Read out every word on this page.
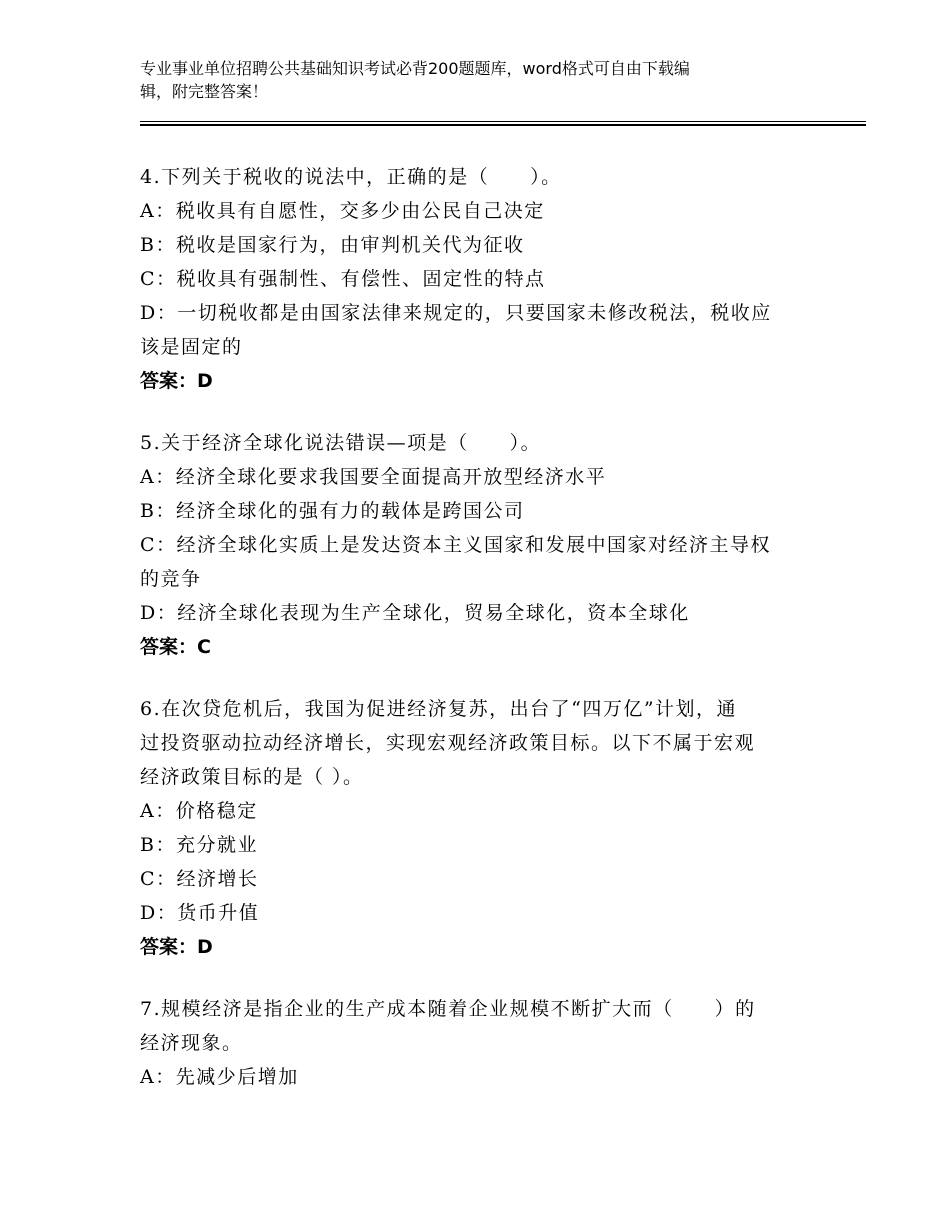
专业事业单位招聘公共基础知识考试必背200题题库，word格式可自由下载编
辑，附完整答案！
4.下列关于税收的说法中，正确的是（　　）。
A：税收具有自愿性，交多少由公民自己决定
B：税收是国家行为，由审判机关代为征收
C：税收具有强制性、有偿性、固定性的特点
D：一切税收都是由国家法律来规定的，只要国家未修改税法，税收应
该是固定的
答案：D
5.关于经济全球化说法错误—项是（　　）。
A：经济全球化要求我国要全面提高开放型经济水平
B：经济全球化的强有力的载体是跨国公司
C：经济全球化实质上是发达资本主义国家和发展中国家对经济主导权
的竞争
D：经济全球化表现为生产全球化，贸易全球化，资本全球化
答案：C
6.在次贷危机后，我国为促进经济复苏，出台了“四万亿”计划，通
过投资驱动拉动经济增长，实现宏观经济政策目标。以下不属于宏观
经济政策目标的是（ ）。
A：价格稳定
B：充分就业
C：经济增长
D：货币升值
答案：D
7.规模经济是指企业的生产成本随着企业规模不断扩大而（　　）的
经济现象。
A：先减少后增加
